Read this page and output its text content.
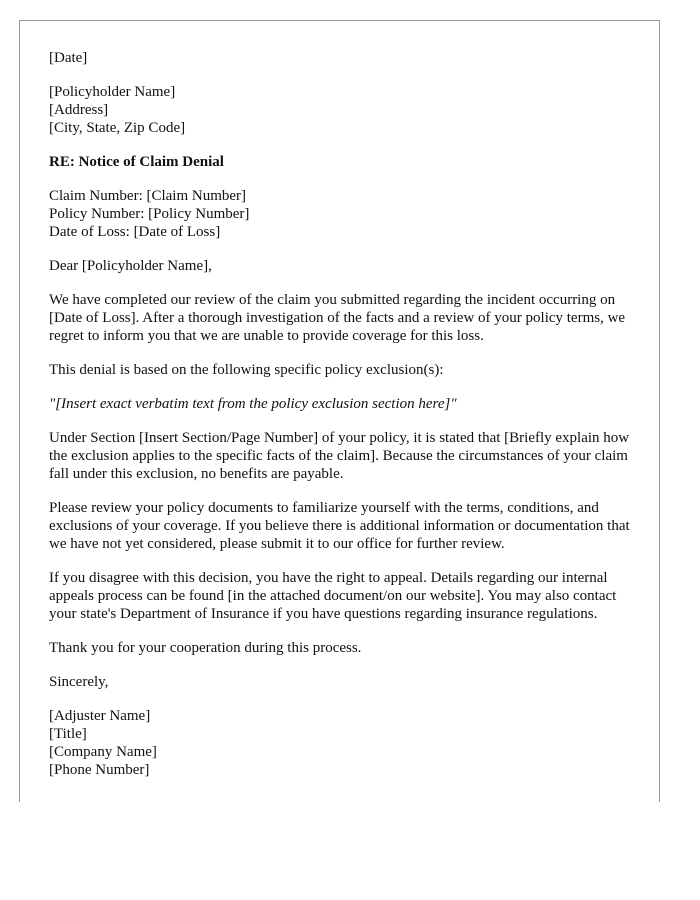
[Date]
[Policyholder Name]
[Address]
[City, State, Zip Code]
RE: Notice of Claim Denial
Claim Number: [Claim Number]
Policy Number: [Policy Number]
Date of Loss: [Date of Loss]
Dear [Policyholder Name],
We have completed our review of the claim you submitted regarding the incident occurring on [Date of Loss]. After a thorough investigation of the facts and a review of your policy terms, we regret to inform you that we are unable to provide coverage for this loss.
This denial is based on the following specific policy exclusion(s):
"[Insert exact verbatim text from the policy exclusion section here]"
Under Section [Insert Section/Page Number] of your policy, it is stated that [Briefly explain how the exclusion applies to the specific facts of the claim]. Because the circumstances of your claim fall under this exclusion, no benefits are payable.
Please review your policy documents to familiarize yourself with the terms, conditions, and exclusions of your coverage. If you believe there is additional information or documentation that we have not yet considered, please submit it to our office for further review.
If you disagree with this decision, you have the right to appeal. Details regarding our internal appeals process can be found [in the attached document/on our website]. You may also contact your state's Department of Insurance if you have questions regarding insurance regulations.
Thank you for your cooperation during this process.
Sincerely,
[Adjuster Name]
[Title]
[Company Name]
[Phone Number]
